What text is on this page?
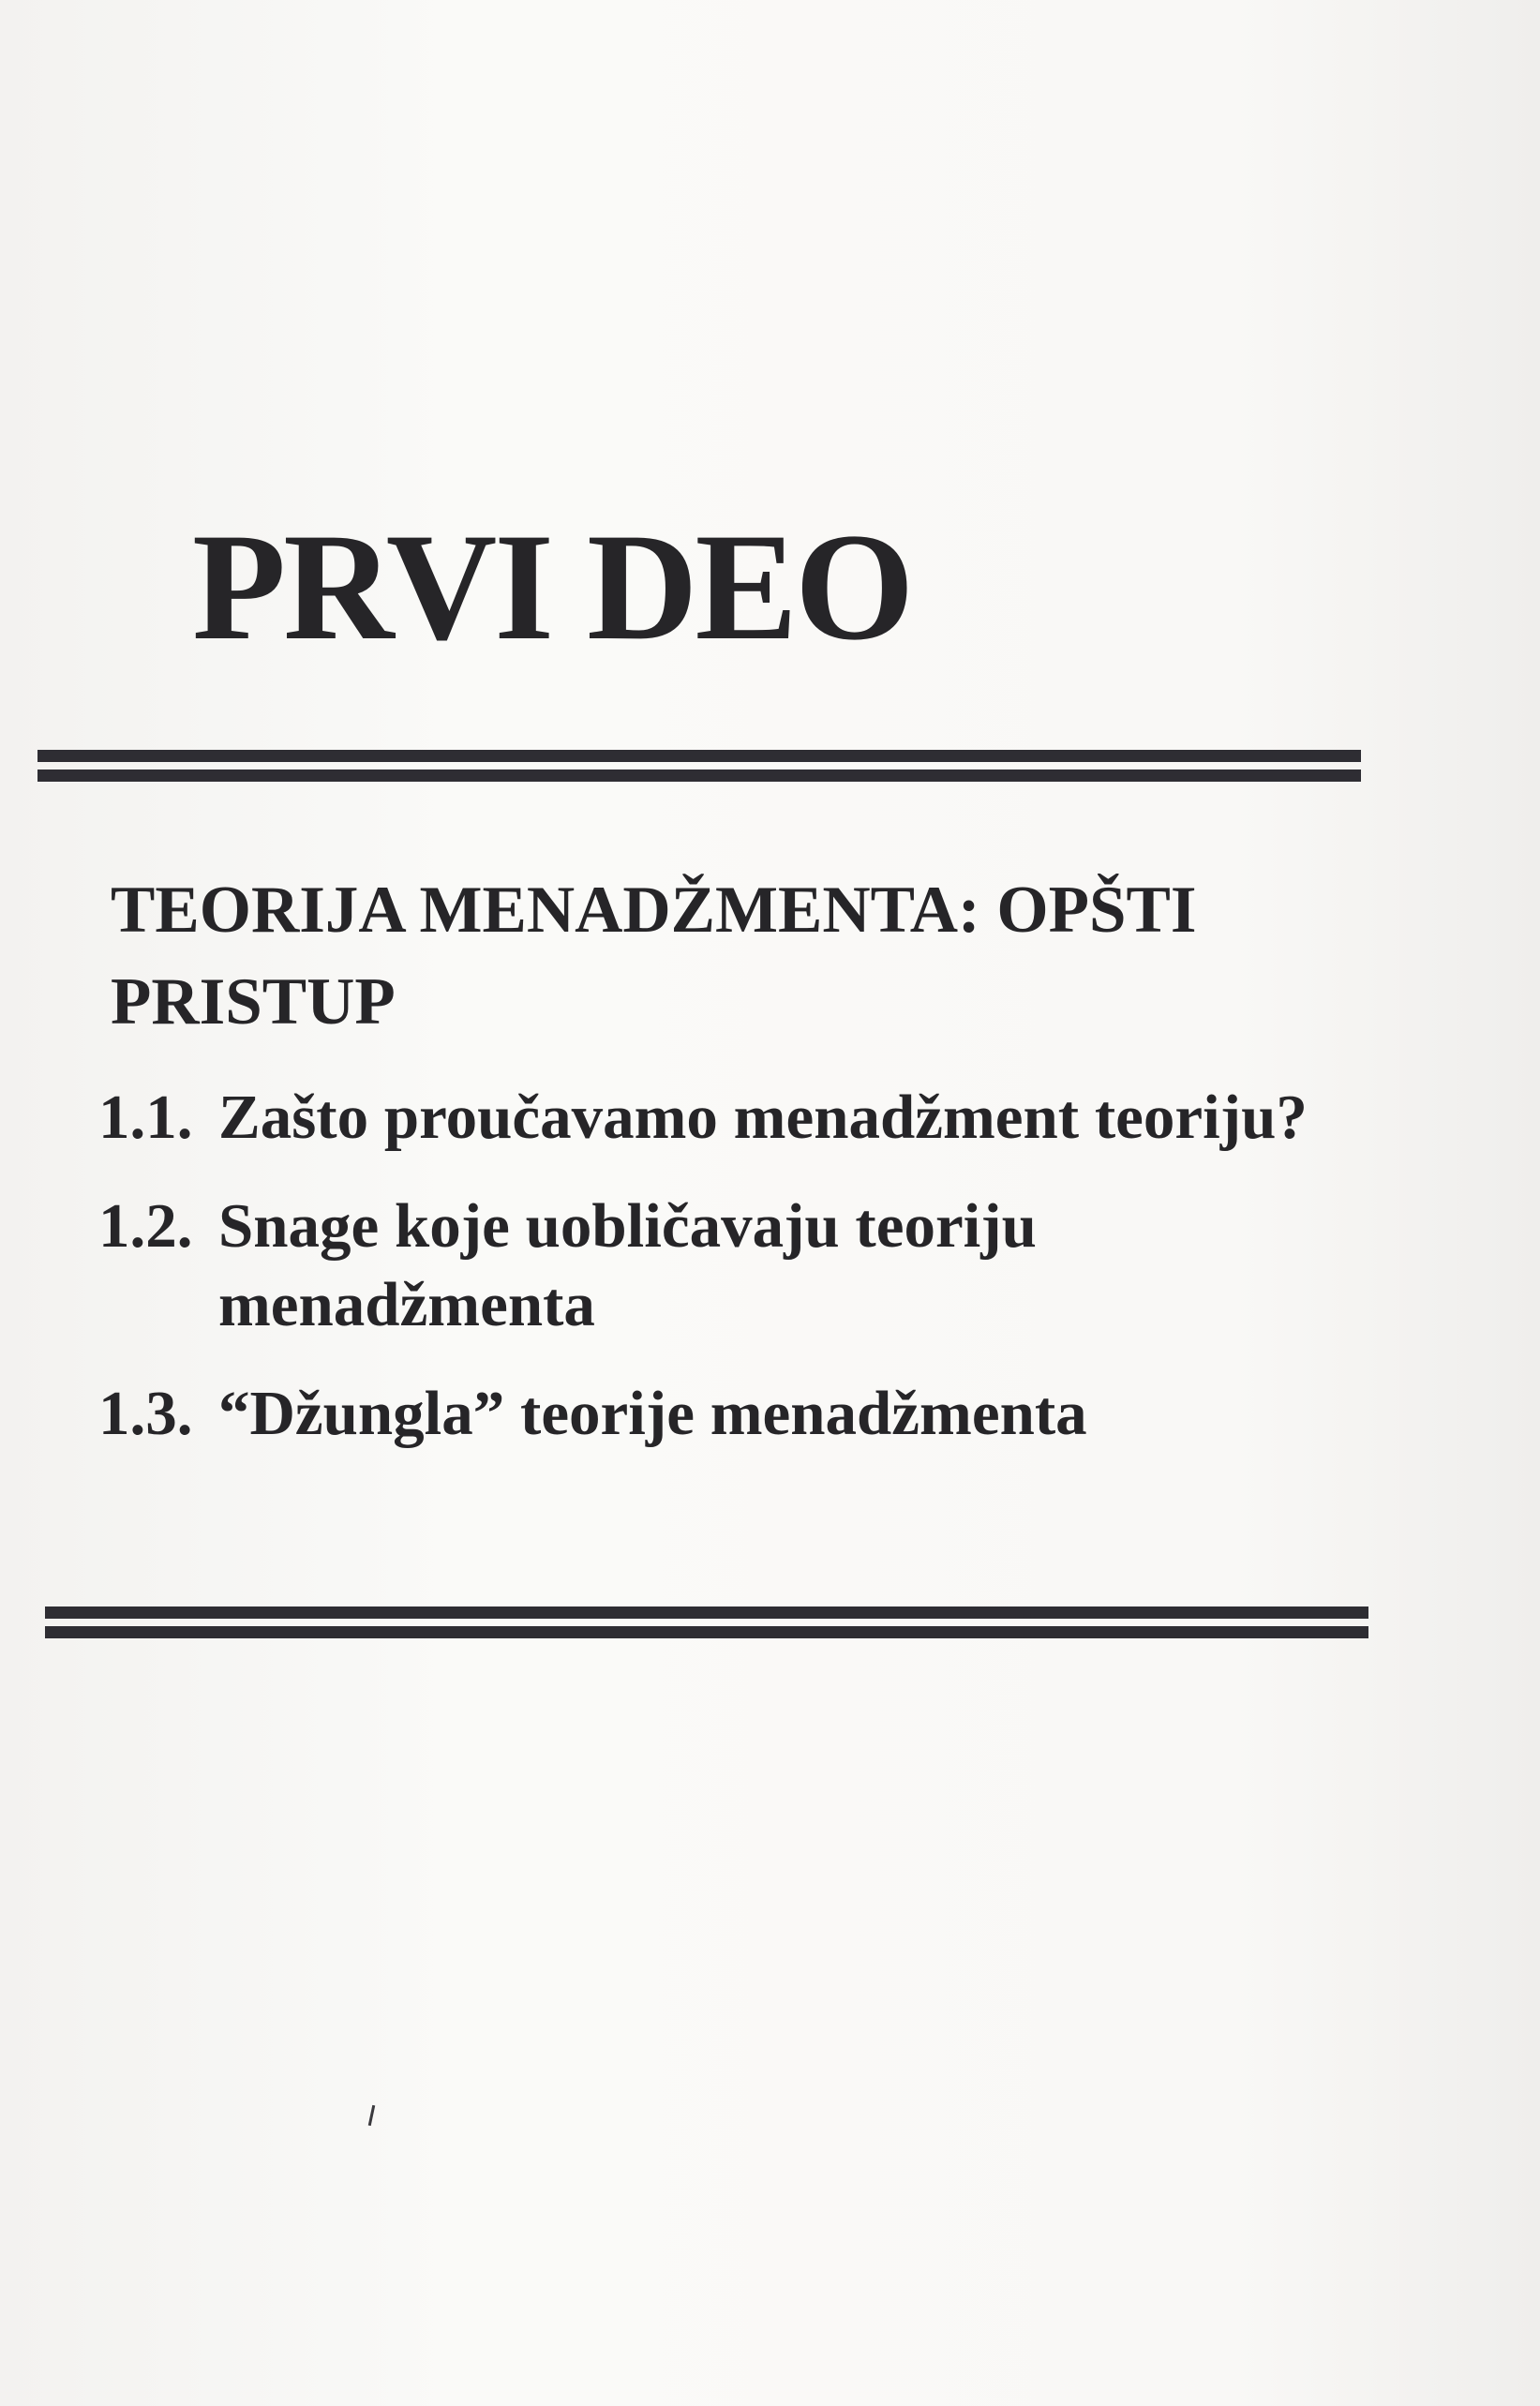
PRVI DEO
TEORIJA MENADŽMENTA: OPŠTI PRISTUP
1.1. Zašto proučavamo menadžment teoriju?
1.2. Snage koje uobličavaju teoriju menadžmenta
1.3. “Džungla” teorije menadžmenta
